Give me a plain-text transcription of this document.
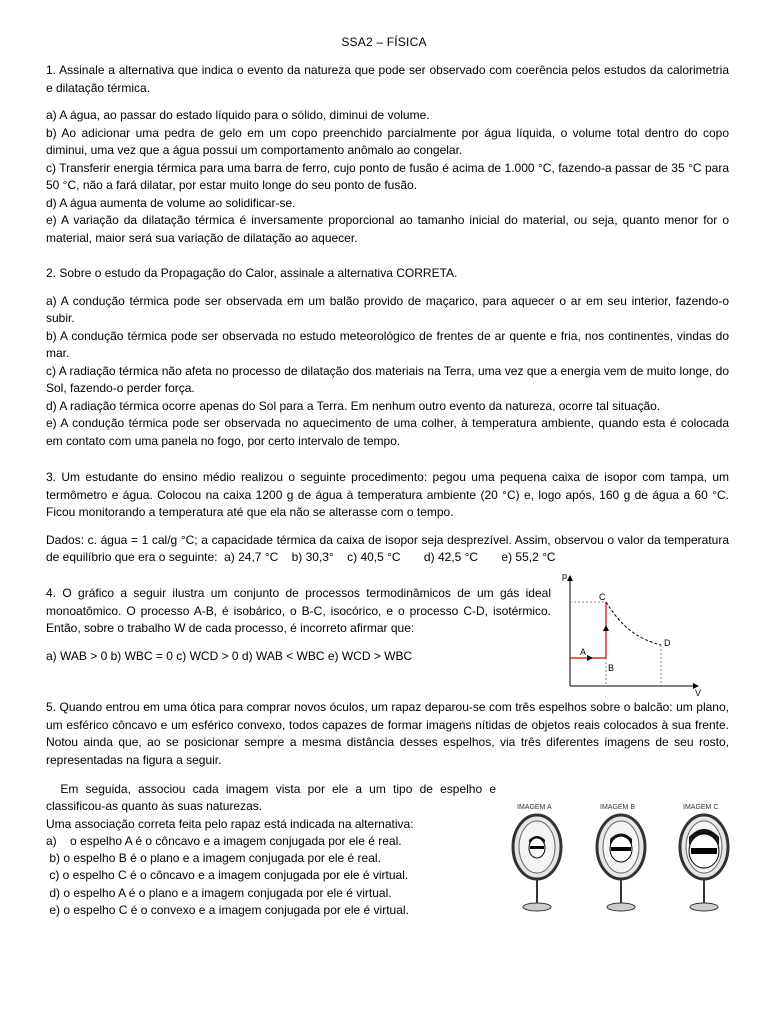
SSA2 – FÍSICA

1. Assinale a alternativa que indica o evento da natureza que pode ser observado com coerência pelos estudos da calorimetria e dilatação térmica.

a) A água, ao passar do estado líquido para o sólido, diminui de volume.

b) Ao adicionar uma pedra de gelo em um copo preenchido parcialmente por água líquida, o volume total dentro do copo diminui, uma vez que a água possui um comportamento anômalo ao congelar.

c) Transferir energia térmica para uma barra de ferro, cujo ponto de fusão é acima de 1.000 °C, fazendo-a passar de 35 °C para 50 °C, não a fará dilatar, por estar muito longe do seu ponto de fusão.

d) A água aumenta de volume ao solidificar-se.

e) A variação da dilatação térmica é inversamente proporcional ao tamanho inicial do material, ou seja, quanto menor for o material, maior será sua variação de dilatação ao aquecer.

2. Sobre o estudo da Propagação do Calor, assinale a alternativa CORRETA.

a) A condução térmica pode ser observada em um balão provido de maçarico, para aquecer o ar em seu interior, fazendo-o subir.

b) A condução térmica pode ser observada no estudo meteorológico de frentes de ar quente e fria, nos continentes, vindas do mar.

c) A radiação térmica não afeta no processo de dilatação dos materiais na Terra, uma vez que a energia vem de muito longe, do Sol, fazendo-o perder força.

d) A radiação térmica ocorre apenas do Sol para a Terra. Em nenhum outro evento da natureza, ocorre tal situação.

e) A condução térmica pode ser observada no aquecimento de uma colher, à temperatura ambiente, quando esta é colocada em contato com uma panela no fogo, por certo intervalo de tempo.

3. Um estudante do ensino médio realizou o seguinte procedimento: pegou uma pequena caixa de isopor com tampa, um termômetro e água. Colocou na caixa 1200 g de água à temperatura ambiente (20 °C) e, logo após, 160 g de água a 60 °C. Ficou monitorando a temperatura até que ela não se alterasse com o tempo.

Dados: c. água = 1 cal/g °C; a capacidade térmica da caixa de isopor seja desprezível. Assim, observou o valor da temperatura de equilíbrio que era o seguinte:  a) 24,7 °C    b) 30,3°    c) 40,5 °C       d) 42,5 °C       e) 55,2 °C

4. O gráfico a seguir ilustra um conjunto de processos termodinâmicos de um gás ideal monoatômico. O processo A-B, é isobárico, o B-C, isocórico, e o processo C-D, isotérmico. Então, sobre o trabalho W de cada processo, é incorreto afirmar que:

a) WAB > 0 b) WBC = 0 c) WCD > 0 d) WAB < WBC e) WCD > WBC

p
V
A
B
C
D

5. Quando entrou em uma ótica para comprar novos óculos, um rapaz deparou-se com três espelhos sobre o balcão: um plano, um esférico côncavo e um esférico convexo, todos capazes de formar imagens nítidas de objetos reais colocados à sua frente. Notou ainda que, ao se posicionar sempre a mesma distância desses espelhos, via três diferentes imagens de seu rosto, representadas na figura a seguir.

Em seguida, associou cada imagem vista por ele a um tipo de espelho e classificou-as quanto às suas naturezas.

Uma associação correta feita pelo rapaz está indicada na alternativa:

a)    o espelho A é o côncavo e a imagem conjugada por ele é real.

b) o espelho B é o plano e a imagem conjugada por ele é real.

c) o espelho C é o côncavo e a imagem conjugada por ele é virtual.

d) o espelho A é o plano e a imagem conjugada por ele é virtual.

e) o espelho C é o convexo e a imagem conjugada por ele é virtual.

IMAGEM A	IMAGEM B	IMAGEM C
